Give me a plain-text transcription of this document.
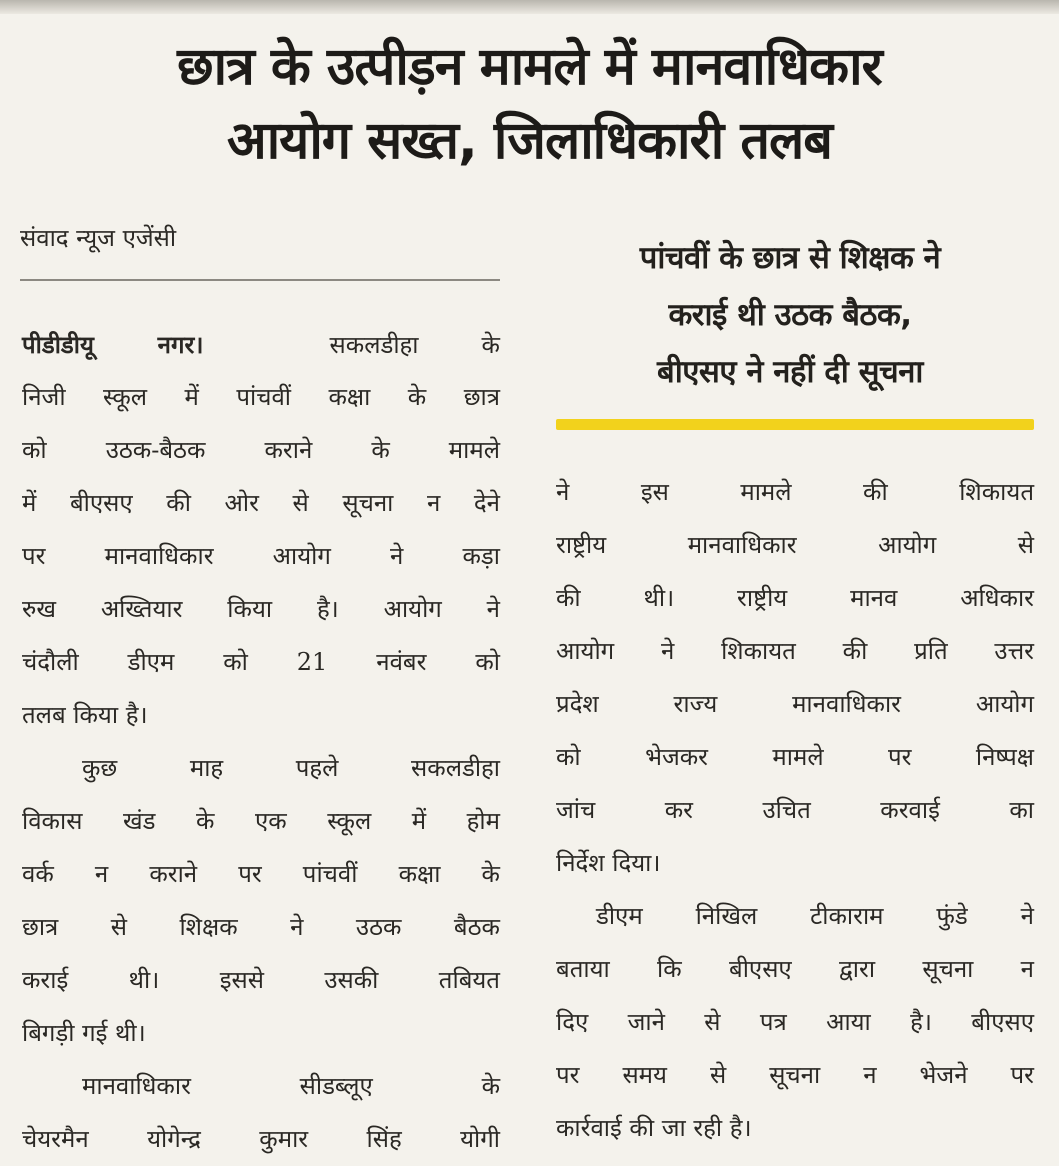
छात्र के उत्पीड़न मामले में मानवाधिकार
आयोग सख्त, जिलाधिकारी तलब
संवाद न्यूज एजेंसी
पांचवीं के छात्र से शिक्षक ने
कराई थी उठक बैठक,
बीएसए ने नहीं दी सूचना
पीडीडीयू नगर।	सकलडीहा के
निजी स्कूल में पांचवीं कक्षा के छात्र
को उठक-बैठक कराने के मामले
में बीएसए की ओर से सूचना न देने
पर मानवाधिकार आयोग ने कड़ा
रुख अख्तियार किया है। आयोग ने
चंदौली डीएम को 21 नवंबर को
तलब किया है।
कुछ माह पहले सकलडीहा
विकास खंड के एक स्कूल में होम
वर्क न कराने पर पांचवीं कक्षा के
छात्र से शिक्षक ने उठक बैठक
कराई थी। इससे उसकी तबियत
बिगड़ी गई थी।
मानवाधिकार सीडब्लूए के
चेयरमैन योगेन्द्र कुमार सिंह योगी
ने इस मामले की शिकायत
राष्ट्रीय मानवाधिकार आयोग से
की थी। राष्ट्रीय मानव अधिकार
आयोग ने शिकायत की प्रति उत्तर
प्रदेश राज्य मानवाधिकार आयोग
को भेजकर मामले पर निष्पक्ष
जांच कर उचित करवाई का
निर्देश दिया।
डीएम निखिल टीकाराम फुंडे ने
बताया कि बीएसए द्वारा सूचना न
दिए जाने से पत्र आया है। बीएसए
पर समय से सूचना न भेजने पर
कार्रवाई की जा रही है।
